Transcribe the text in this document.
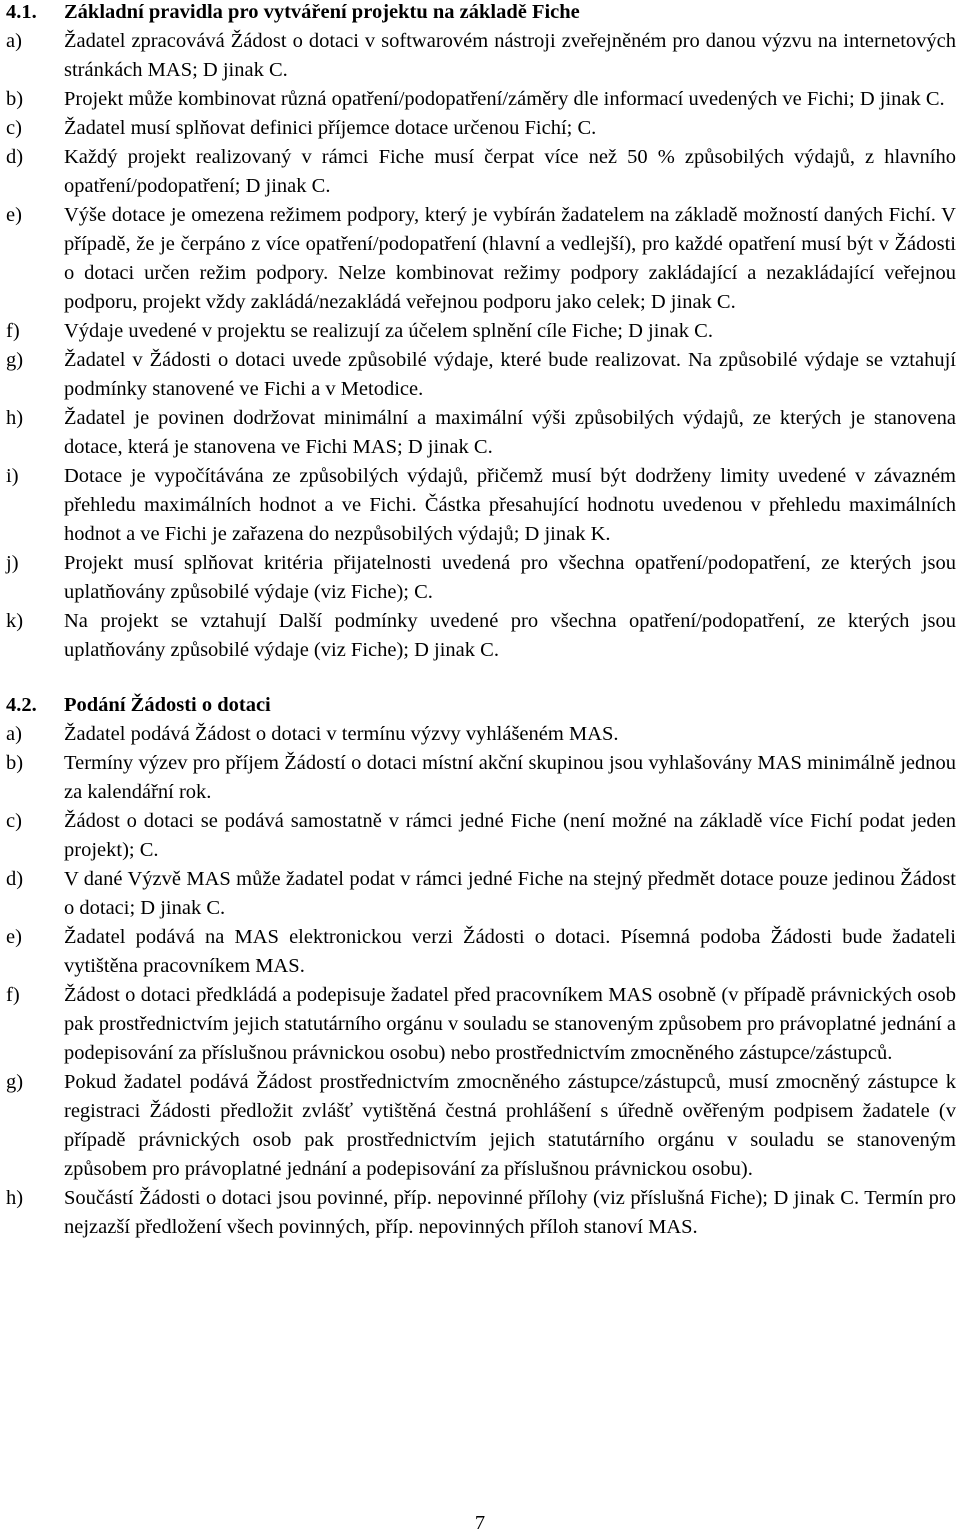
4.1.	Základní pravidla pro vytváření projektu na základě Fiche
a)	Žadatel zpracovává Žádost o dotaci v softwarovém nástroji zveřejněném pro danou výzvu na internetových stránkách MAS; D jinak C.
b)	Projekt může kombinovat různá opatření/podopatření/záměry dle informací uvedených ve Fichi; D jinak C.
c)	Žadatel musí splňovat definici příjemce dotace určenou Fichí; C.
d)	Každý projekt realizovaný v rámci Fiche musí čerpat více než 50 % způsobilých výdajů, z hlavního opatření/podopatření; D jinak C.
e)	Výše dotace je omezena režimem podpory, který je vybírán žadatelem na základě možností daných Fichí. V případě, že je čerpáno z více opatření/podopatření (hlavní a vedlejší), pro každé opatření musí být v Žádosti o dotaci určen režim podpory. Nelze kombinovat režimy podpory zakládající a nezakládající veřejnou podporu, projekt vždy zakládá/nezakládá veřejnou podporu jako celek; D jinak C.
f)	Výdaje uvedené v projektu se realizují za účelem splnění cíle Fiche; D jinak C.
g)	Žadatel v Žádosti o dotaci uvede způsobilé výdaje, které bude realizovat. Na způsobilé výdaje se vztahují podmínky stanovené ve Fichi a v Metodice.
h)	Žadatel je povinen dodržovat minimální a maximální výši způsobilých výdajů, ze kterých je stanovena dotace, která je stanovena ve Fichi MAS; D jinak C.
i)	Dotace je vypočítávána ze způsobilých výdajů, přičemž musí být dodrženy limity uvedené v závazném přehledu maximálních hodnot a ve Fichi. Částka přesahující hodnotu uvedenou v přehledu maximálních hodnot a ve Fichi je zařazena do nezpůsobilých výdajů; D jinak K.
j)	Projekt musí splňovat kritéria přijatelnosti uvedená pro všechna opatření/podopatření, ze kterých jsou uplatňovány způsobilé výdaje (viz Fiche); C.
k)	Na projekt se vztahují Další podmínky uvedené pro všechna opatření/podopatření, ze kterých jsou uplatňovány způsobilé výdaje (viz Fiche); D jinak C.
4.2.	Podání Žádosti o dotaci
a)	Žadatel podává Žádost o dotaci v termínu výzvy vyhlášeném MAS.
b)	Termíny výzev pro příjem Žádostí o dotaci místní akční skupinou jsou vyhlašovány MAS minimálně jednou za kalendářní rok.
c)	Žádost o dotaci se podává samostatně v rámci jedné Fiche (není možné na základě více Fichí podat jeden projekt); C.
d)	V dané Výzvě MAS může žadatel podat v rámci jedné Fiche na stejný předmět dotace pouze jedinou Žádost o dotaci; D jinak C.
e)	Žadatel podává na MAS elektronickou verzi Žádosti o dotaci. Písemná podoba Žádosti bude žadateli vytištěna pracovníkem MAS.
f)	Žádost o dotaci předkládá a podepisuje žadatel před pracovníkem MAS osobně (v případě právnických osob pak prostřednictvím jejich statutárního orgánu v souladu se stanoveným způsobem pro právoplatné jednání a podepisování za příslušnou právnickou osobu) nebo prostřednictvím zmocněného zástupce/zástupců.
g)	Pokud žadatel podává Žádost prostřednictvím zmocněného zástupce/zástupců, musí zmocněný zástupce k registraci Žádosti předložit zvlášť vytištěná čestná prohlášení s úředně ověřeným podpisem žadatele (v případě právnických osob pak prostřednictvím jejich statutárního orgánu v souladu se stanoveným způsobem pro právoplatné jednání a podepisování za příslušnou právnickou osobu).
h)	Součástí Žádosti o dotaci jsou povinné, příp. nepovinné přílohy (viz příslušná Fiche); D jinak C. Termín pro nejzazší předložení všech povinných, příp. nepovinných příloh stanoví MAS.
7
